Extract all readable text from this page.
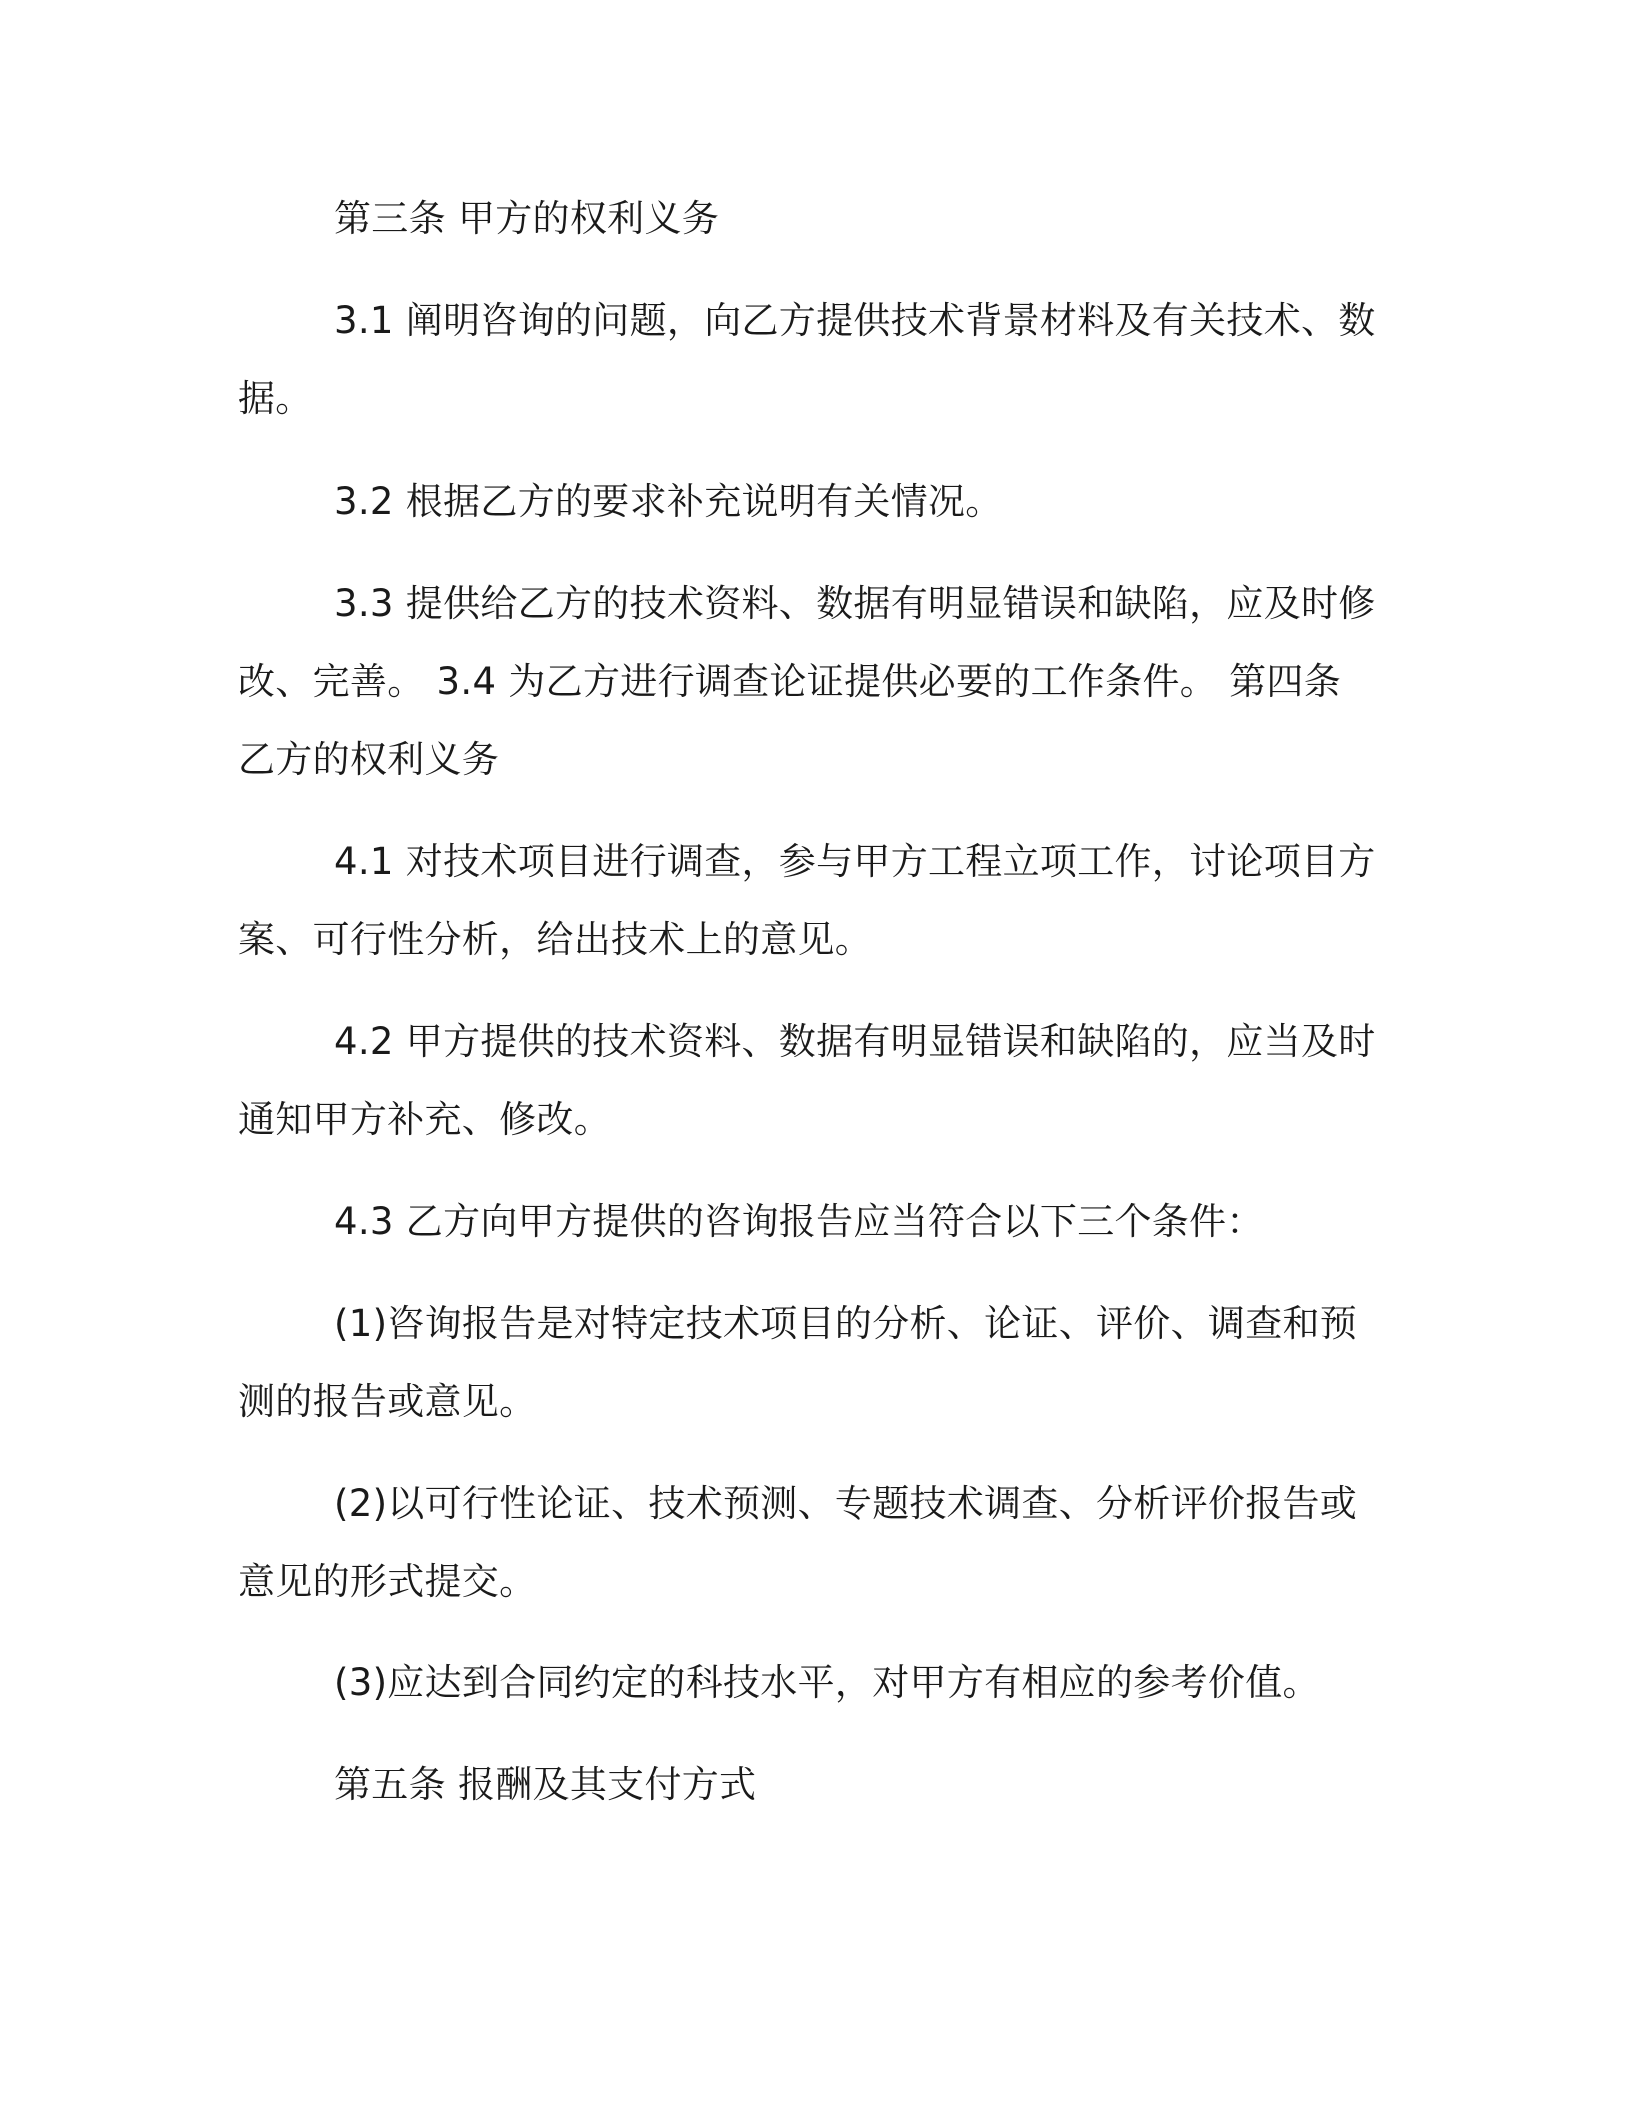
第三条 甲方的权利义务

3.1 阐明咨询的问题，向乙方提供技术背景材料及有关技术、数据。

3.2 根据乙方的要求补充说明有关情况。

3.3 提供给乙方的技术资料、数据有明显错误和缺陷，应及时修改、完善。 3.4 为乙方进行调查论证提供必要的工作条件。 第四条 乙方的权利义务

4.1 对技术项目进行调查，参与甲方工程立项工作，讨论项目方案、可行性分析，给出技术上的意见。

4.2 甲方提供的技术资料、数据有明显错误和缺陷的，应当及时通知甲方补充、修改。

4.3 乙方向甲方提供的咨询报告应当符合以下三个条件：

(1)咨询报告是对特定技术项目的分析、论证、评价、调查和预测的报告或意见。

(2)以可行性论证、技术预测、专题技术调查、分析评价报告或意见的形式提交。

(3)应达到合同约定的科技水平，对甲方有相应的参考价值。

第五条 报酬及其支付方式
